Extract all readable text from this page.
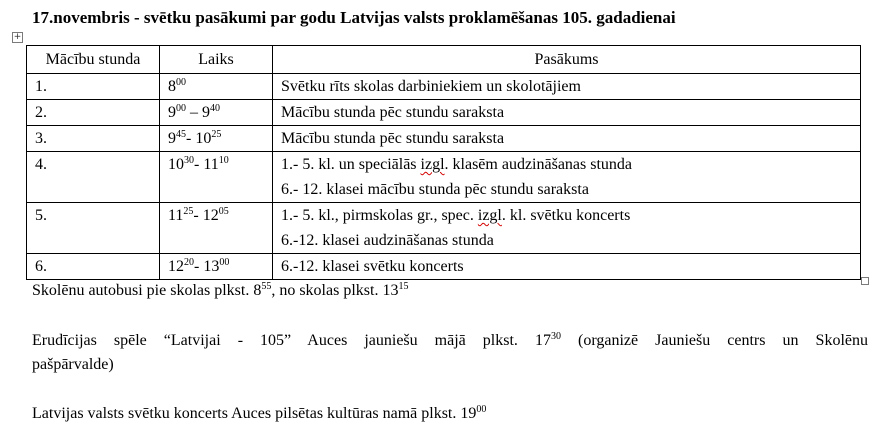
17.novembris - svētku pasākumi par godu Latvijas valsts proklamēšanas 105. gadadienai
+
Mācību stunda	Laiks	Pasākums
1.	$8^{00}$	Svētku rīts skolas darbiniekiem un skolotājiem

2.	$9^{00} - 9^{40}$	Mācību stunda pēc stundu saraksta

3.	$9^{45}-$ $10^{25}$	Mācību stunda pēc stundu saraksta

4.	$10^{30}-$ $11^{10}$	1.- 5. kl. un speciālās izgl. klasēm audzināšanas stunda
6.- 12. klasei mācību stunda pēc stundu saraksta

5.	$11^{25}-$ $12^{05}$	1.- 5. kl., pirmskolas gr., spec. izgl. kl. svētku koncerts
6.-12. klasei audzināšanas stunda

6.	$12^{20}-$ $13^{00}$	6.-12. klasei svētku koncerts
Skolēnu autobusi pie skolas plkst. $8^{55}$, no skolas plkst. $13^{15}$
Erudīcijas spēle “Latvijai - 105” Auces jauniešu mājā plkst. $17^{30}$ (organizē Jauniešu centrs un Skolēnu
pašpārvalde)
Latvijas valsts svētku koncerts Auces pilsētas kultūras namā plkst. $19^{00}$
